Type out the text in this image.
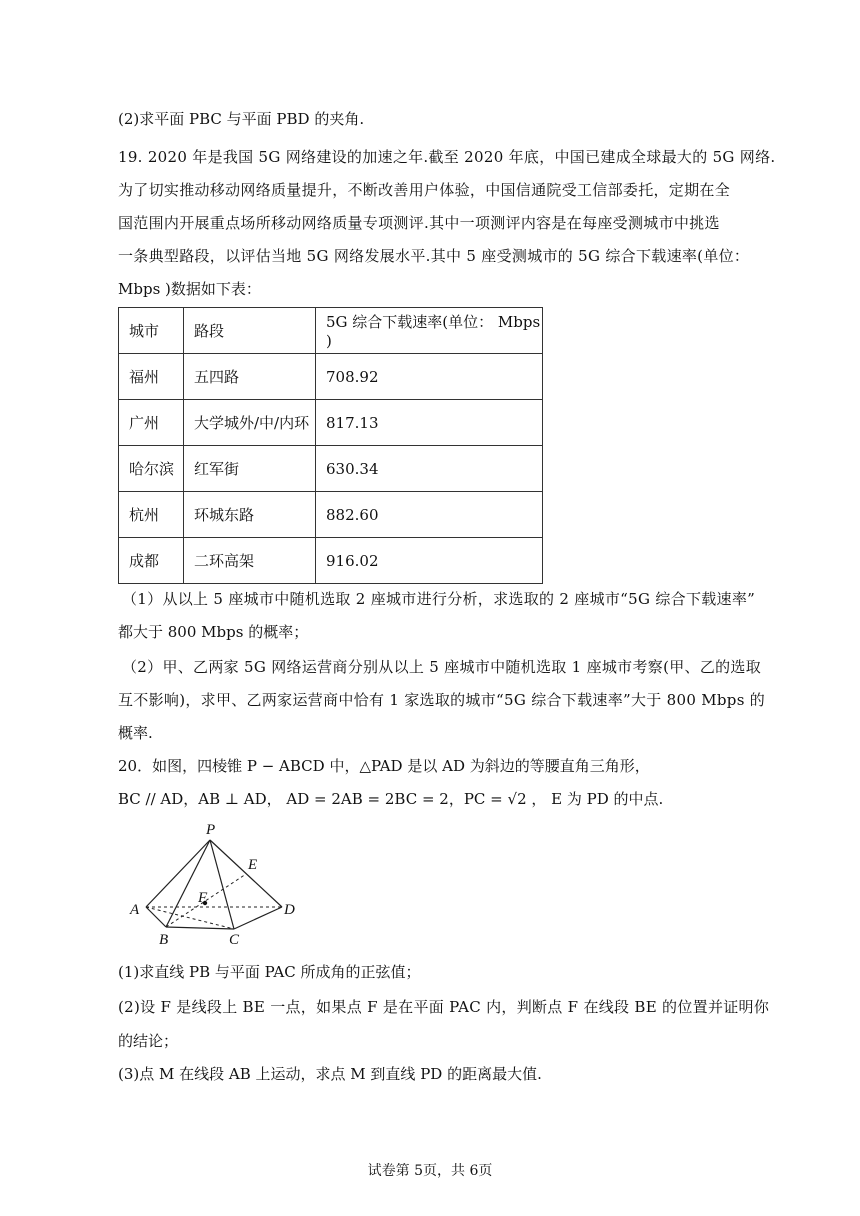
(2)求平面 PBC 与平面 PBD 的夹角.
19. 2020 年是我国 5G 网络建设的加速之年.截至 2020 年底，中国已建成全球最大的 5G 网络.
为了切实推动移动网络质量提升，不断改善用户体验，中国信通院受工信部委托，定期在全
国范围内开展重点场所移动网络质量专项测评.其中一项测评内容是在每座受测城市中挑选
一条典型路段，以评估当地 5G 网络发展水平.其中 5 座受测城市的 5G 综合下载速率(单位：
Mbps )数据如下表：
城市	路段	5G 综合下载速率(单位： Mbps )
福州	五四路	708.92
广州	大学城外/中/内环	817.13
哈尔滨	红军街	630.34
杭州	环城东路	882.60
成都	二环高架	916.02
（1）从以上 5 座城市中随机选取 2 座城市进行分析，求选取的 2 座城市“5G 综合下载速率”
都大于 800 Mbps 的概率；
（2）甲、乙两家 5G 网络运营商分别从以上 5 座城市中随机选取 1 座城市考察(甲、乙的选取
互不影响)，求甲、乙两家运营商中恰有 1 家选取的城市“5G 综合下载速率”大于 800 Mbps 的
概率.
20．如图，四棱锥 P − ABCD 中，△PAD 是以 AD 为斜边的等腰直角三角形，
BC // AD，AB ⊥ AD， AD = 2AB = 2BC = 2，PC = √2 ， E 为 PD 的中点.
P
E
F
A	D
B	C
(1)求直线 PB 与平面 PAC 所成角的正弦值；
(2)设 F 是线段上 BE 一点，如果点 F 是在平面 PAC 内，判断点 F 在线段 BE 的位置并证明你
的结论；
(3)点 M 在线段 AB 上运动，求点 M 到直线 PD 的距离最大值.
试卷第 5页，共 6页
